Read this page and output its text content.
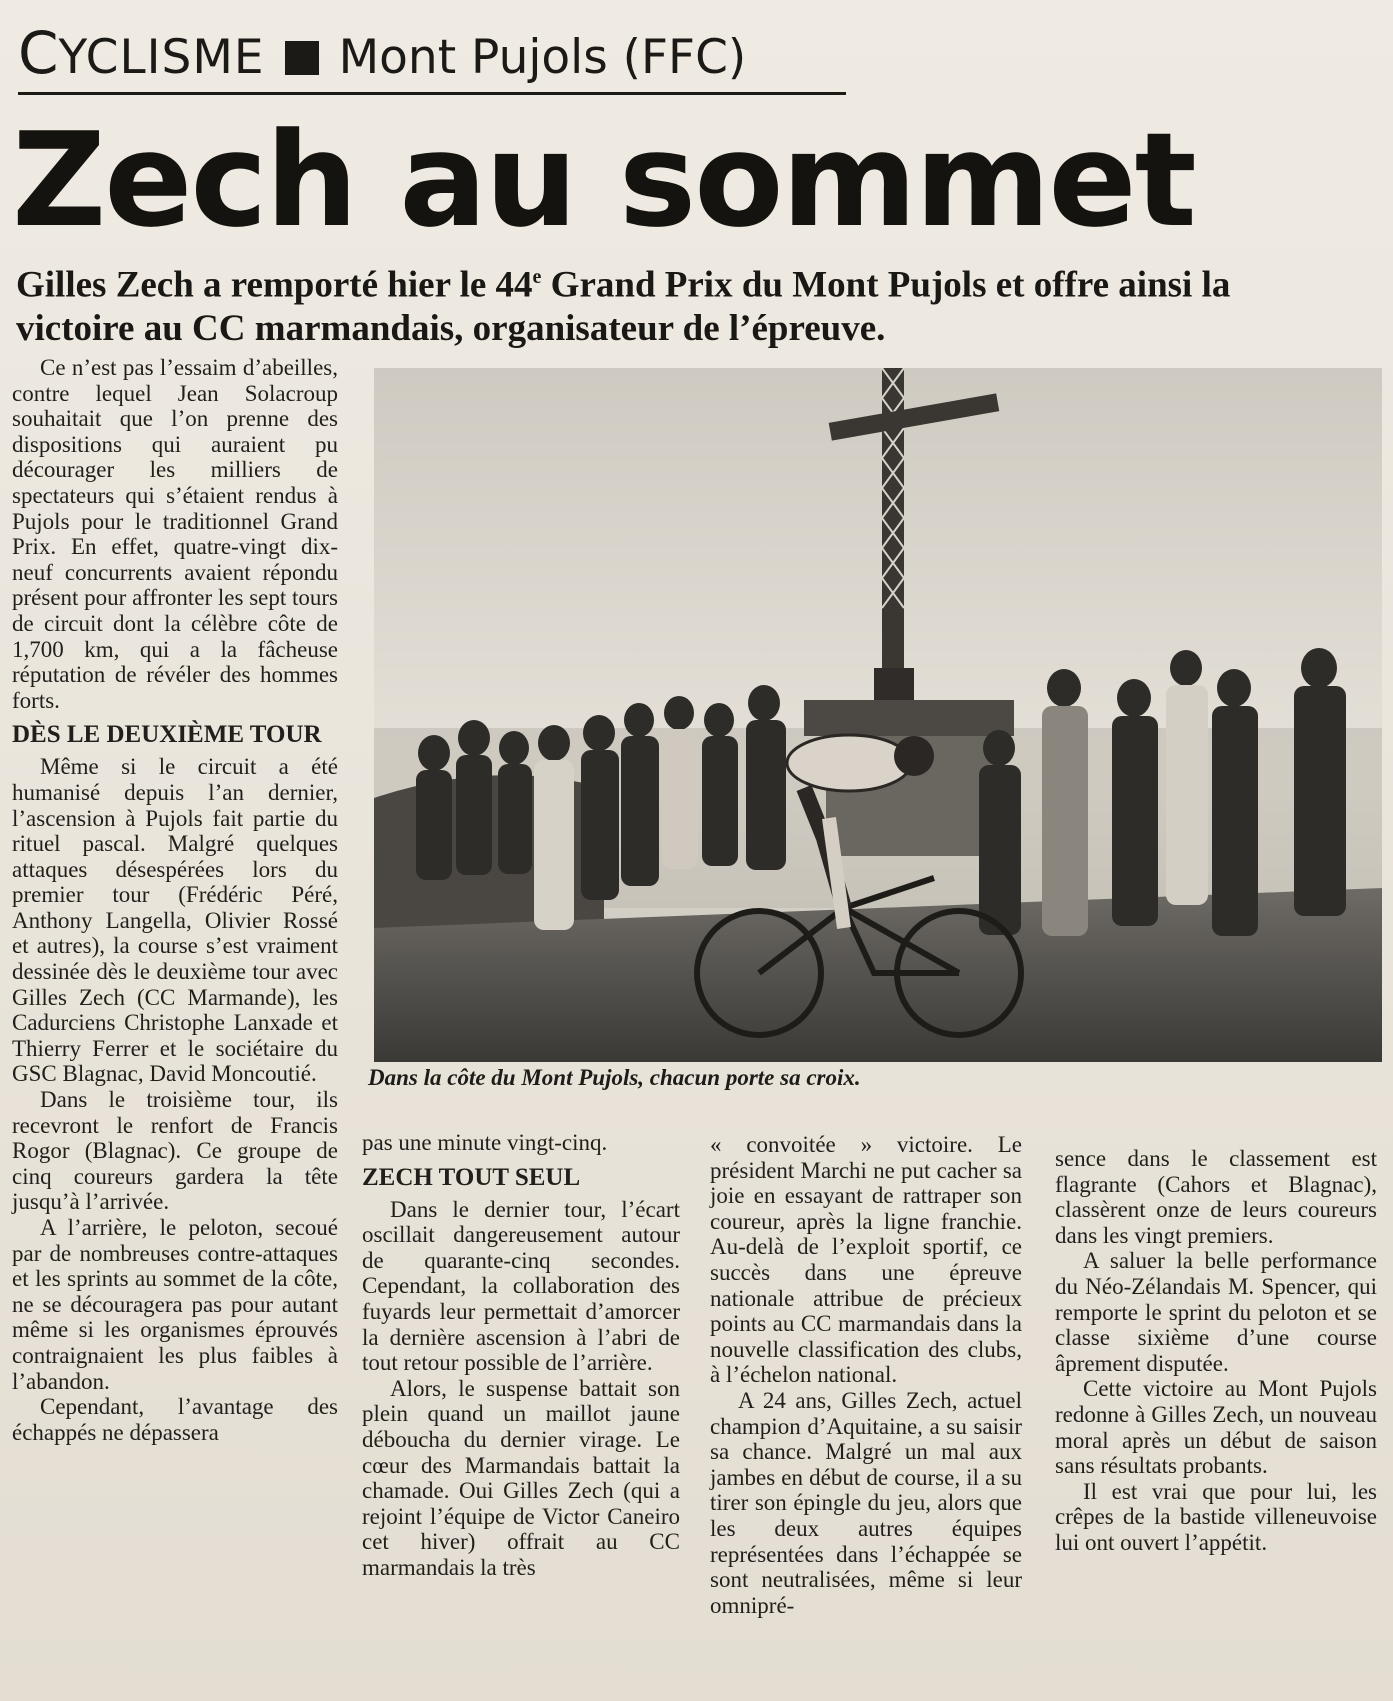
CYCLISME Mont Pujols (FFC)
Zech au sommet
Gilles Zech a remporté hier le 44e Grand Prix du Mont Pujols et offre ainsi la victoire au CC marmandais, organisateur de l’épreuve.
Dans la côte du Mont Pujols, chacun porte sa croix.

Ce n’est pas l’essaim d’abeilles, contre lequel Jean Solacroup souhaitait que l’on prenne des dispositions qui auraient pu décourager les milliers de spectateurs qui s’étaient rendus à Pujols pour le traditionnel Grand Prix. En effet, quatre-vingt dix-neuf concurrents avaient répondu présent pour affronter les sept tours de circuit dont la célèbre côte de 1,700 km, qui a la fâcheuse réputation de révéler des hommes forts.

DÈS LE DEUXIÈME TOUR

Même si le circuit a été humanisé depuis l’an dernier, l’ascension à Pujols fait partie du rituel pascal. Malgré quelques attaques désespérées lors du premier tour (Frédéric Péré, Anthony Langella, Olivier Rossé et autres), la course s’est vraiment dessinée dès le deuxième tour avec Gilles Zech (CC Marmande), les Cadurciens Christophe Lanxade et Thierry Ferrer et le sociétaire du GSC Blagnac, David Moncoutié.

Dans le troisième tour, ils recevront le renfort de Francis Rogor (Blagnac). Ce groupe de cinq coureurs gardera la tête jusqu’à l’arrivée.

A l’arrière, le peloton, secoué par de nombreuses contre-attaques et les sprints au sommet de la côte, ne se découragera pas pour autant même si les organismes éprouvés contraignaient les plus faibles à l’abandon.

Cependant, l’avantage des échappés ne dépassera

pas une minute vingt-cinq.

ZECH TOUT SEUL

Dans le dernier tour, l’écart oscillait dangereusement autour de quarante-cinq secondes. Cependant, la collaboration des fuyards leur permettait d’amorcer la dernière ascension à l’abri de tout retour possible de l’arrière.

Alors, le suspense battait son plein quand un maillot jaune déboucha du dernier virage. Le cœur des Marmandais battait la chamade. Oui Gilles Zech (qui a rejoint l’équipe de Victor Caneiro cet hiver) offrait au CC marmandais la très

« convoitée » victoire. Le président Marchi ne put cacher sa joie en essayant de rattraper son coureur, après la ligne franchie. Au-delà de l’exploit sportif, ce succès dans une épreuve nationale attribue de précieux points au CC marmandais dans la nouvelle classification des clubs, à l’échelon national.

A 24 ans, Gilles Zech, actuel champion d’Aquitaine, a su saisir sa chance. Malgré un mal aux jambes en début de course, il a su tirer son épingle du jeu, alors que les deux autres équipes représentées dans l’échappée se sont neutralisées, même si leur omnipré-

sence dans le classement est flagrante (Cahors et Blagnac), classèrent onze de leurs coureurs dans les vingt premiers.

A saluer la belle performance du Néo-Zélandais M. Spencer, qui remporte le sprint du peloton et se classe sixième d’une course âprement disputée.

Cette victoire au Mont Pujols redonne à Gilles Zech, un nouveau moral après un début de saison sans résultats probants.

Il est vrai que pour lui, les crêpes de la bastide villeneuvoise lui ont ouvert l’appétit.
